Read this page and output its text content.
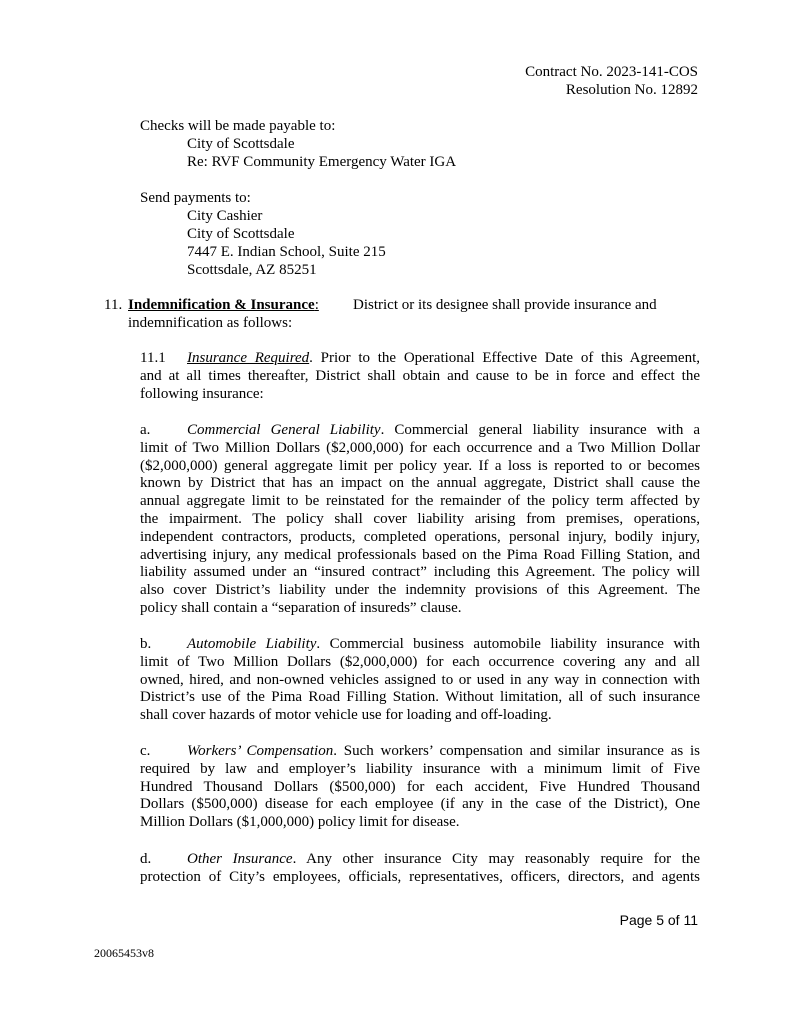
Contract No. 2023-141-COS
Resolution No. 12892
Checks will be made payable to:
City of Scottsdale
Re: RVF Community Emergency Water IGA
Send payments to:
City Cashier
City of Scottsdale
7447 E. Indian School, Suite 215
Scottsdale, AZ 85251
11. Indemnification & Insurance: District or its designee shall provide insurance and
indemnification as follows:
11.1 Insurance Required. Prior to the Operational Effective Date of this Agreement,
and at all times thereafter, District shall obtain and cause to be in force and effect the
following insurance:
a. Commercial General Liability. Commercial general liability insurance with a
limit of Two Million Dollars ($2,000,000) for each occurrence and a Two Million Dollar
($2,000,000) general aggregate limit per policy year. If a loss is reported to or becomes
known by District that has an impact on the annual aggregate, District shall cause the
annual aggregate limit to be reinstated for the remainder of the policy term affected by
the impairment. The policy shall cover liability arising from premises, operations,
independent contractors, products, completed operations, personal injury, bodily injury,
advertising injury, any medical professionals based on the Pima Road Filling Station, and
liability assumed under an “insured contract” including this Agreement. The policy will
also cover District’s liability under the indemnity provisions of this Agreement. The
policy shall contain a “separation of insureds” clause.
b. Automobile Liability. Commercial business automobile liability insurance with
limit of Two Million Dollars ($2,000,000) for each occurrence covering any and all
owned, hired, and non-owned vehicles assigned to or used in any way in connection with
District’s use of the Pima Road Filling Station. Without limitation, all of such insurance
shall cover hazards of motor vehicle use for loading and off-loading.
c. Workers’ Compensation. Such workers’ compensation and similar insurance as is
required by law and employer’s liability insurance with a minimum limit of Five
Hundred Thousand Dollars ($500,000) for each accident, Five Hundred Thousand
Dollars ($500,000) disease for each employee (if any in the case of the District), One
Million Dollars ($1,000,000) policy limit for disease.
d. Other Insurance. Any other insurance City may reasonably require for the
protection of City’s employees, officials, representatives, officers, directors, and agents
Page 5 of 11
20065453v8
